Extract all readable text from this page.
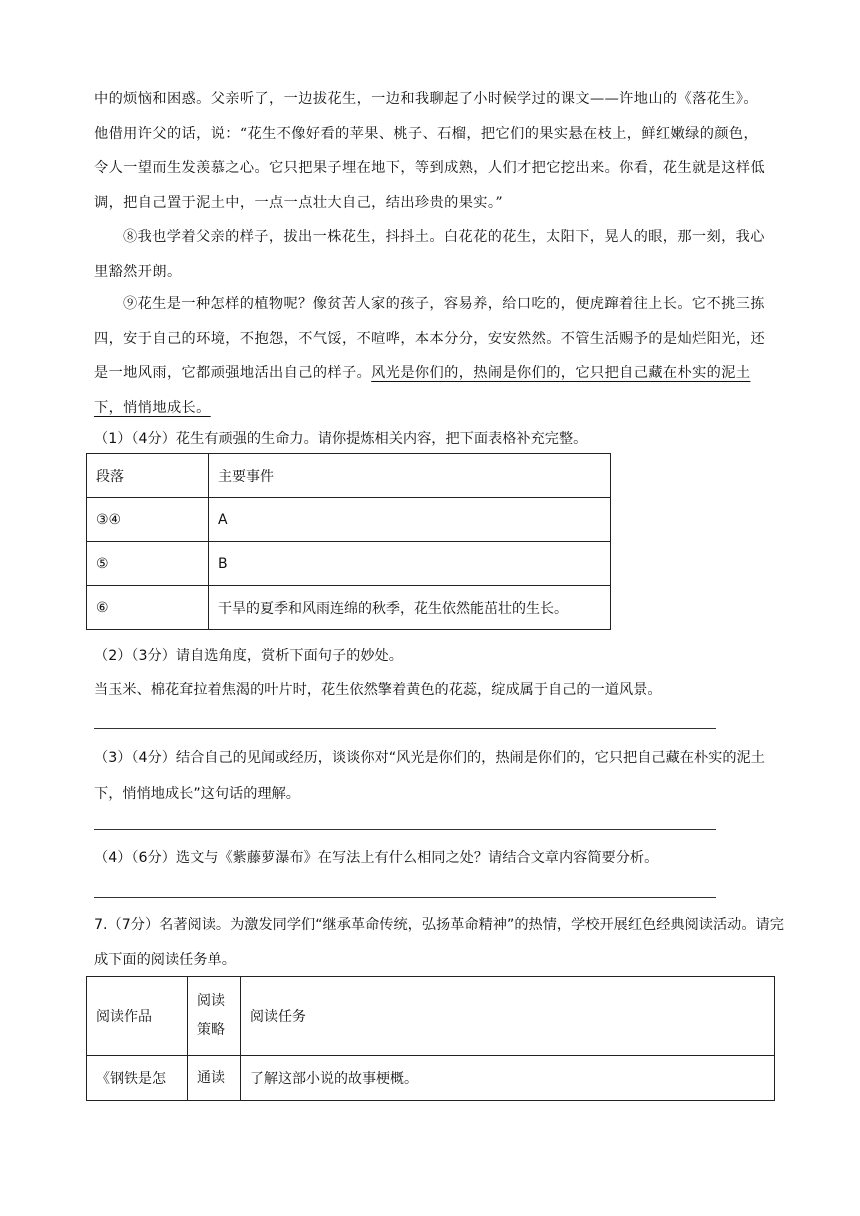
中的烦恼和困惑。父亲听了，一边拔花生，一边和我聊起了小时候学过的课文——许地山的《落花生》。他借用许父的话，说：“花生不像好看的苹果、桃子、石榴，把它们的果实悬在枝上，鲜红嫩绿的颜色，令人一望而生发羡慕之心。它只把果子埋在地下，等到成熟，人们才把它挖出来。你看，花生就是这样低调，把自己置于泥土中，一点一点壮大自己，结出珍贵的果实。”
⑧我也学着父亲的样子，拔出一株花生，抖抖土。白花花的花生，太阳下，晃人的眼，那一刻，我心里豁然开朗。
⑨花生是一种怎样的植物呢？像贫苦人家的孩子，容易养，给口吃的，便虎蹿着往上长。它不挑三拣四，安于自己的环境，不抱怨，不气馁，不喧哗，本本分分，安安然然。不管生活赐予的是灿烂阳光，还是一地风雨，它都顽强地活出自己的样子。风光是你们的，热闹是你们的，它只把自己藏在朴实的泥土下，悄悄地成长。
（1）（4分）花生有顽强的生命力。请你提炼相关内容，把下面表格补充完整。
段落	主要事件
③④	A
⑤	B
⑥	干旱的夏季和风雨连绵的秋季，花生依然能茁壮的生长。
（2）（3分）请自选角度，赏析下面句子的妙处。
当玉米、棉花耷拉着焦渴的叶片时，花生依然擎着黄色的花蕊，绽成属于自己的一道风景。
（3）（4分）结合自己的见闻或经历，谈谈你对“风光是你们的，热闹是你们的，它只把自己藏在朴实的泥土下，悄悄地成长”这句话的理解。
（4）（6分）选文与《紫藤萝瀑布》在写法上有什么相同之处？请结合文章内容简要分析。
7.（7分）名著阅读。为激发同学们“继承革命传统，弘扬革命精神”的热情，学校开展红色经典阅读活动。请完成下面的阅读任务单。
阅读作品	阅读策略	阅读任务
《钢铁是怎	通读	了解这部小说的故事梗概。
